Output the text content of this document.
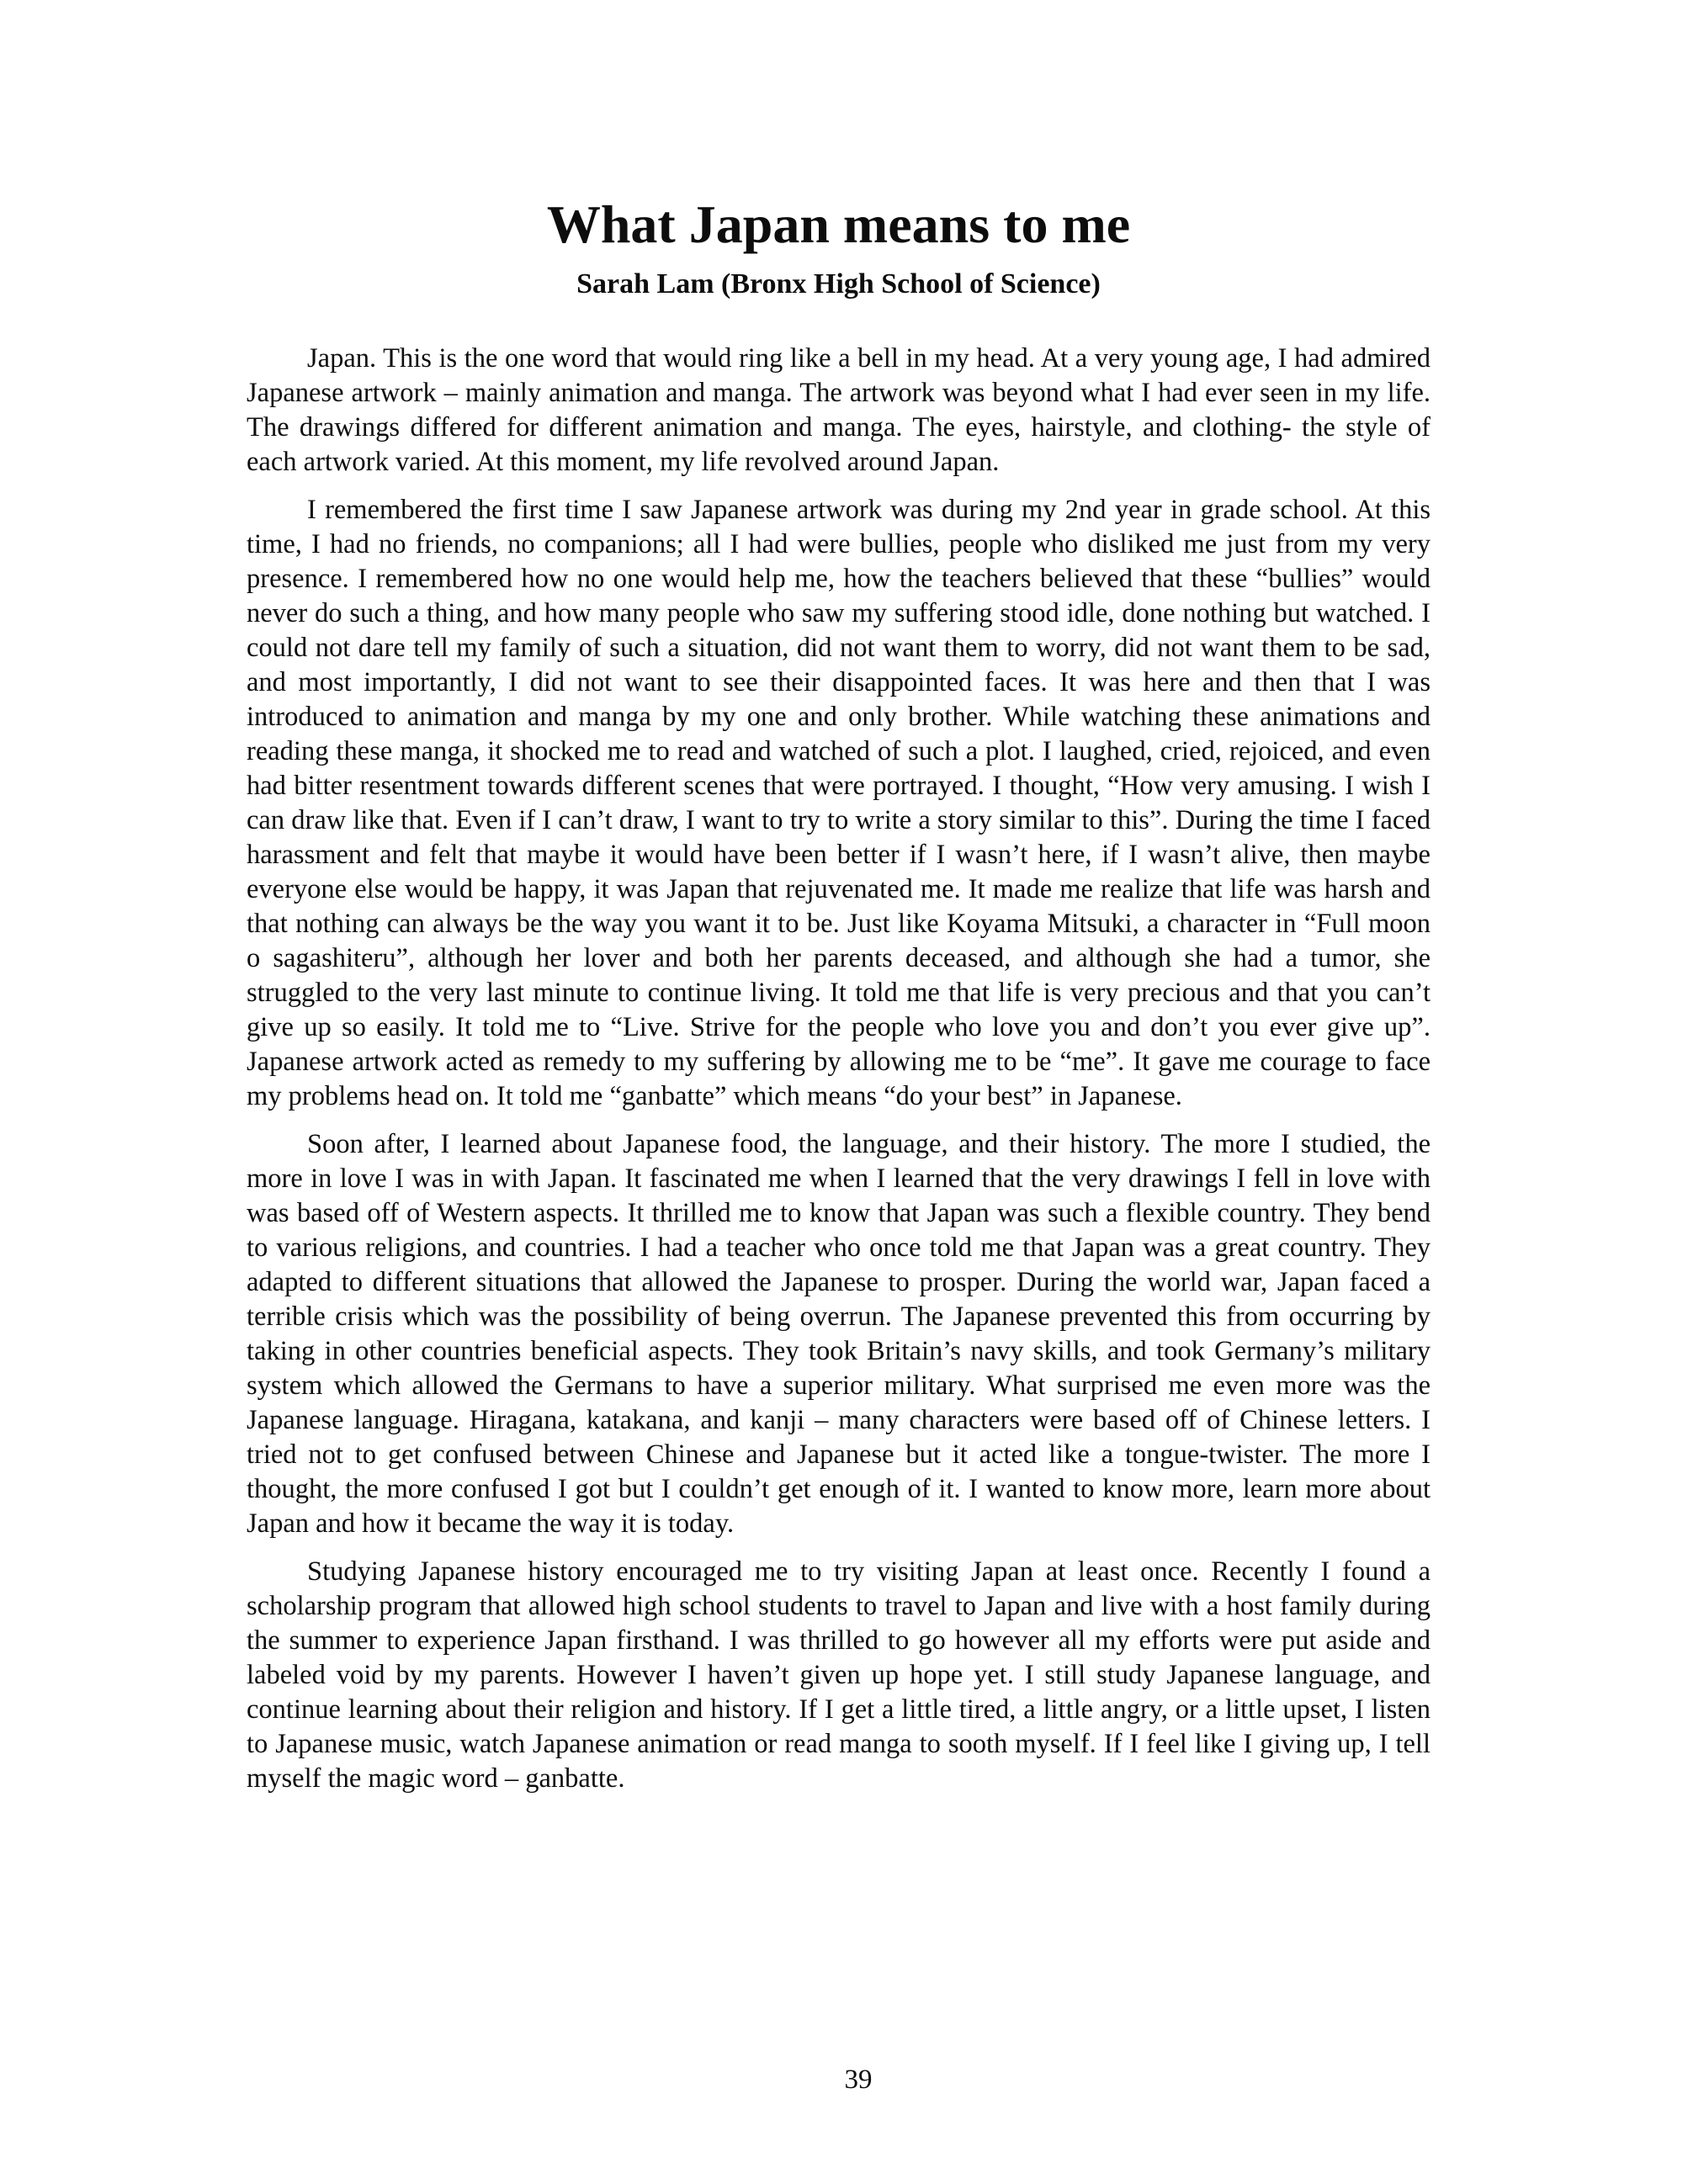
What Japan means to me
Sarah Lam (Bronx High School of Science)

Japan. This is the one word that would ring like a bell in my head. At a very young age, I had admired Japanese artwork – mainly animation and manga. The artwork was beyond what I had ever seen in my life. The drawings differed for different animation and manga. The eyes, hairstyle, and clothing- the style of each artwork varied. At this moment, my life revolved around Japan.

I remembered the first time I saw Japanese artwork was during my 2nd year in grade school. At this time, I had no friends, no companions; all I had were bullies, people who disliked me just from my very presence. I remembered how no one would help me, how the teachers believed that these “bullies” would never do such a thing, and how many people who saw my suffering stood idle, done nothing but watched. I could not dare tell my family of such a situation, did not want them to worry, did not want them to be sad, and most importantly, I did not want to see their disappointed faces. It was here and then that I was introduced to animation and manga by my one and only brother. While watching these animations and reading these manga, it shocked me to read and watched of such a plot. I laughed, cried, rejoiced, and even had bitter resentment towards different scenes that were portrayed. I thought, “How very amusing. I wish I can draw like that. Even if I can’t draw, I want to try to write a story similar to this”. During the time I faced harassment and felt that maybe it would have been better if I wasn’t here, if I wasn’t alive, then maybe everyone else would be happy, it was Japan that rejuvenated me. It made me realize that life was harsh and that nothing can always be the way you want it to be. Just like Koyama Mitsuki, a character in “Full moon o sagashiteru”, although her lover and both her parents deceased, and although she had a tumor, she struggled to the very last minute to continue living. It told me that life is very precious and that you can’t give up so easily. It told me to “Live. Strive for the people who love you and don’t you ever give up”. Japanese artwork acted as remedy to my suffering by allowing me to be “me”. It gave me courage to face my problems head on. It told me “ganbatte” which means “do your best” in Japanese.

Soon after, I learned about Japanese food, the language, and their history. The more I studied, the more in love I was in with Japan. It fascinated me when I learned that the very drawings I fell in love with was based off of Western aspects. It thrilled me to know that Japan was such a flexible country. They bend to various religions, and countries. I had a teacher who once told me that Japan was a great country. They adapted to different situations that allowed the Japanese to prosper. During the world war, Japan faced a terrible crisis which was the possibility of being overrun. The Japanese prevented this from occurring by taking in other countries beneficial aspects. They took Britain’s navy skills, and took Germany’s military system which allowed the Germans to have a superior military. What surprised me even more was the Japanese language. Hiragana, katakana, and kanji – many characters were based off of Chinese letters. I tried not to get confused between Chinese and Japanese but it acted like a tongue-twister. The more I thought, the more confused I got but I couldn’t get enough of it. I wanted to know more, learn more about Japan and how it became the way it is today.

Studying Japanese history encouraged me to try visiting Japan at least once. Recently I found a scholarship program that allowed high school students to travel to Japan and live with a host family during the summer to experience Japan firsthand. I was thrilled to go however all my efforts were put aside and labeled void by my parents. However I haven’t given up hope yet. I still study Japanese language, and continue learning about their religion and history. If I get a little tired, a little angry, or a little upset, I listen to Japanese music, watch Japanese animation or read manga to sooth myself. If I feel like I giving up, I tell myself the magic word – ganbatte.

39
